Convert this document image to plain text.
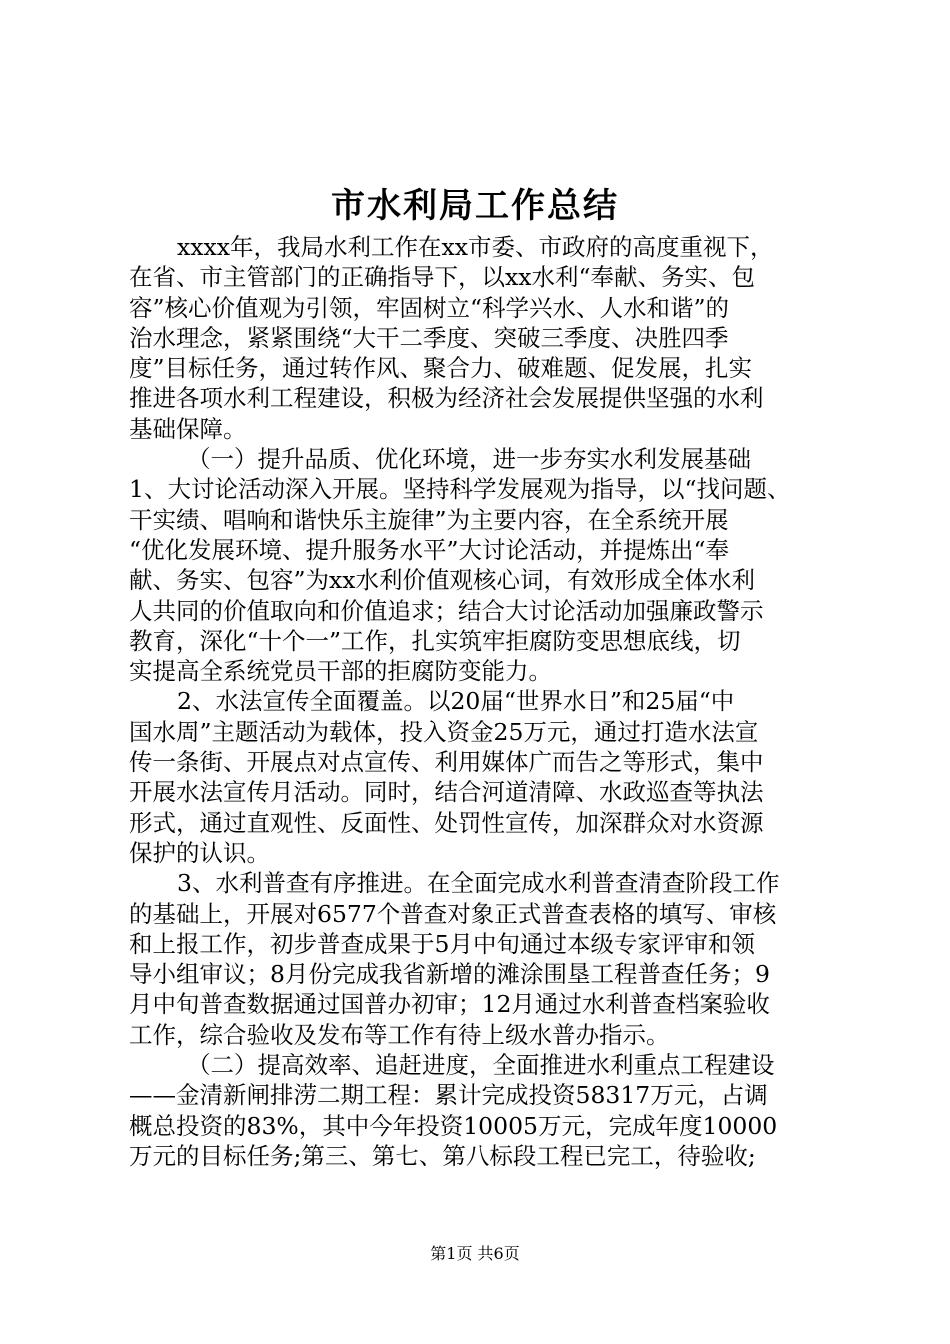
市水利局工作总结
xxxx年，我局水利工作在xx市委、市政府的高度重视下，
在省、市主管部门的正确指导下，以xx水利“奉献、务实、包
容”核心价值观为引领，牢固树立“科学兴水、人水和谐”的
治水理念，紧紧围绕“大干二季度、突破三季度、决胜四季
度”目标任务，通过转作风、聚合力、破难题、促发展，扎实
推进各项水利工程建设，积极为经济社会发展提供坚强的水利
基础保障。
（一）提升品质、优化环境，进一步夯实水利发展基础
1、大讨论活动深入开展。坚持科学发展观为指导，以“找问题、
干实绩、唱响和谐快乐主旋律”为主要内容，在全系统开展
“优化发展环境、提升服务水平”大讨论活动，并提炼出“奉
献、务实、包容”为xx水利价值观核心词，有效形成全体水利
人共同的价值取向和价值追求；结合大讨论活动加强廉政警示
教育，深化“十个一”工作，扎实筑牢拒腐防变思想底线，切
实提高全系统党员干部的拒腐防变能力。
2、水法宣传全面覆盖。以20届“世界水日”和25届“中
国水周”主题活动为载体，投入资金25万元，通过打造水法宣
传一条街、开展点对点宣传、利用媒体广而告之等形式，集中
开展水法宣传月活动。同时，结合河道清障、水政巡查等执法
形式，通过直观性、反面性、处罚性宣传，加深群众对水资源
保护的认识。
3、水利普查有序推进。在全面完成水利普查清查阶段工作
的基础上，开展对6577个普查对象正式普查表格的填写、审核
和上报工作，初步普查成果于5月中旬通过本级专家评审和领
导小组审议；8月份完成我省新增的滩涂围垦工程普查任务；9
月中旬普查数据通过国普办初审；12月通过水利普查档案验收
工作，综合验收及发布等工作有待上级水普办指示。
（二）提高效率、追赶进度，全面推进水利重点工程建设
——金清新闸排涝二期工程：累计完成投资58317万元，占调
概总投资的83%，其中今年投资10005万元，完成年度10000
万元的目标任务;第三、第七、第八标段工程已完工，待验收;
第1页 共6页
